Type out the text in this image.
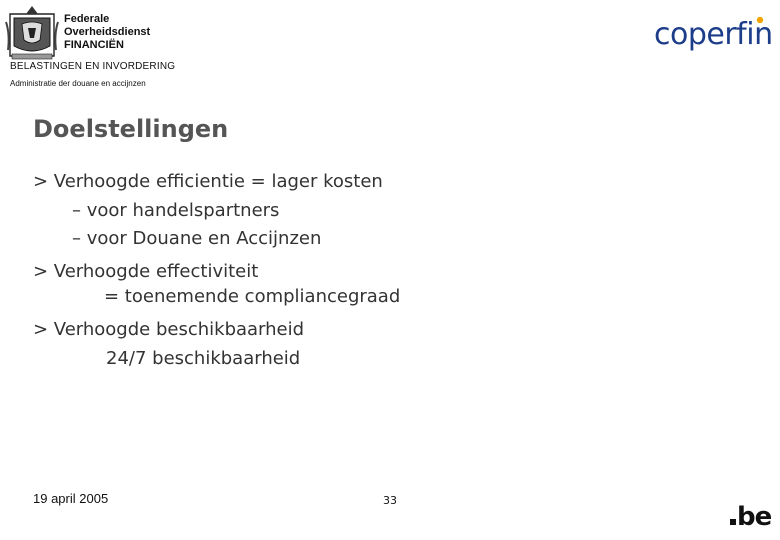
Federale
Overheidsdienst
FINANCIËN
BELASTINGEN EN INVORDERING
Administratie der douane en accijnzen
coperfin
Doelstellingen
> Verhoogde efficientie = lager kosten
– voor handelspartners
– voor Douane en Accijnzen
> Verhoogde effectiviteit
= toenemende compliancegraad
> Verhoogde beschikbaarheid
24/7 beschikbaarheid
19 april 2005	33
be
